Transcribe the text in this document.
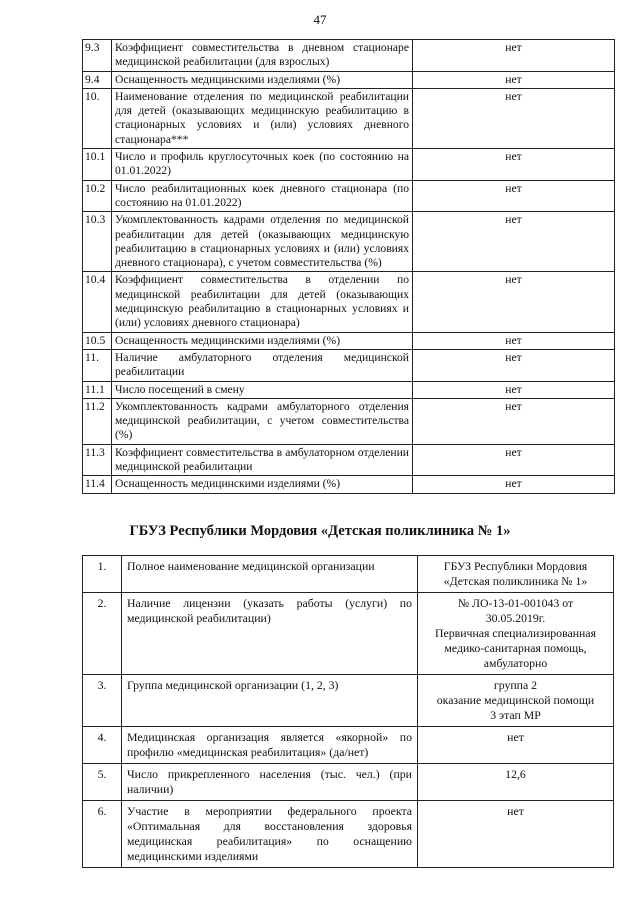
47
9.3	Коэффициент совместительства в дневном стационаре медицинской реабилитации (для взрослых)	нет
9.4	Оснащенность медицинскими изделиями (%)	нет
10.	Наименование отделения по медицинской реабилитации для детей (оказывающих медицинскую реабилитацию в стационарных условиях и (или) условиях дневного стационара***	нет
10.1	Число и профиль круглосуточных коек (по состоянию на 01.01.2022)	нет
10.2	Число реабилитационных коек дневного стационара (по состоянию на 01.01.2022)	нет
10.3	Укомплектованность кадрами отделения по медицинской реабилитации для детей (оказывающих медицинскую реабилитацию в стационарных условиях и (или) условиях дневного стационара), с учетом совместительства (%)	нет
10.4	Коэффициент совместительства в отделении по медицинской реабилитации для детей (оказывающих медицинскую реабилитацию в стационарных условиях и (или) условиях дневного стационара)	нет
10.5	Оснащенность медицинскими изделиями (%)	нет
11.	Наличие амбулаторного отделения медицинской реабилитации	нет
11.1	Число посещений в смену	нет
11.2	Укомплектованность кадрами амбулаторного отделения медицинской реабилитации, с учетом совместительства (%)	нет
11.3	Коэффициент совместительства в амбулаторном отделении медицинской реабилитации	нет
11.4	Оснащенность медицинскими изделиями (%)	нет
ГБУЗ Республики Мордовия «Детская поликлиника № 1»
1.	Полное наименование медицинской организации	ГБУЗ Республики Мордовия
«Детская поликлиника № 1»

2.	Наличие лицензии (указать работы (услуги) по медицинской реабилитации)	№ ЛО-13-01-001043 от
30.05.2019г.
Первичная специализированная
медико-санитарная помощь,
амбулаторно

3.	Группа медицинской организации (1, 2, 3)	группа 2
оказание медицинской помощи
3 этап МР

4.	Медицинская организация является «якорной» по профилю «медицинская реабилитация» (да/нет)	нет

5.	Число прикрепленного населения (тыс. чел.) (при наличии)	12,6

6.	Участие в мероприятии федерального проекта «Оптимальная для восстановления здоровья медицинская реабилитация» по оснащению медицинскими изделиями	нет
